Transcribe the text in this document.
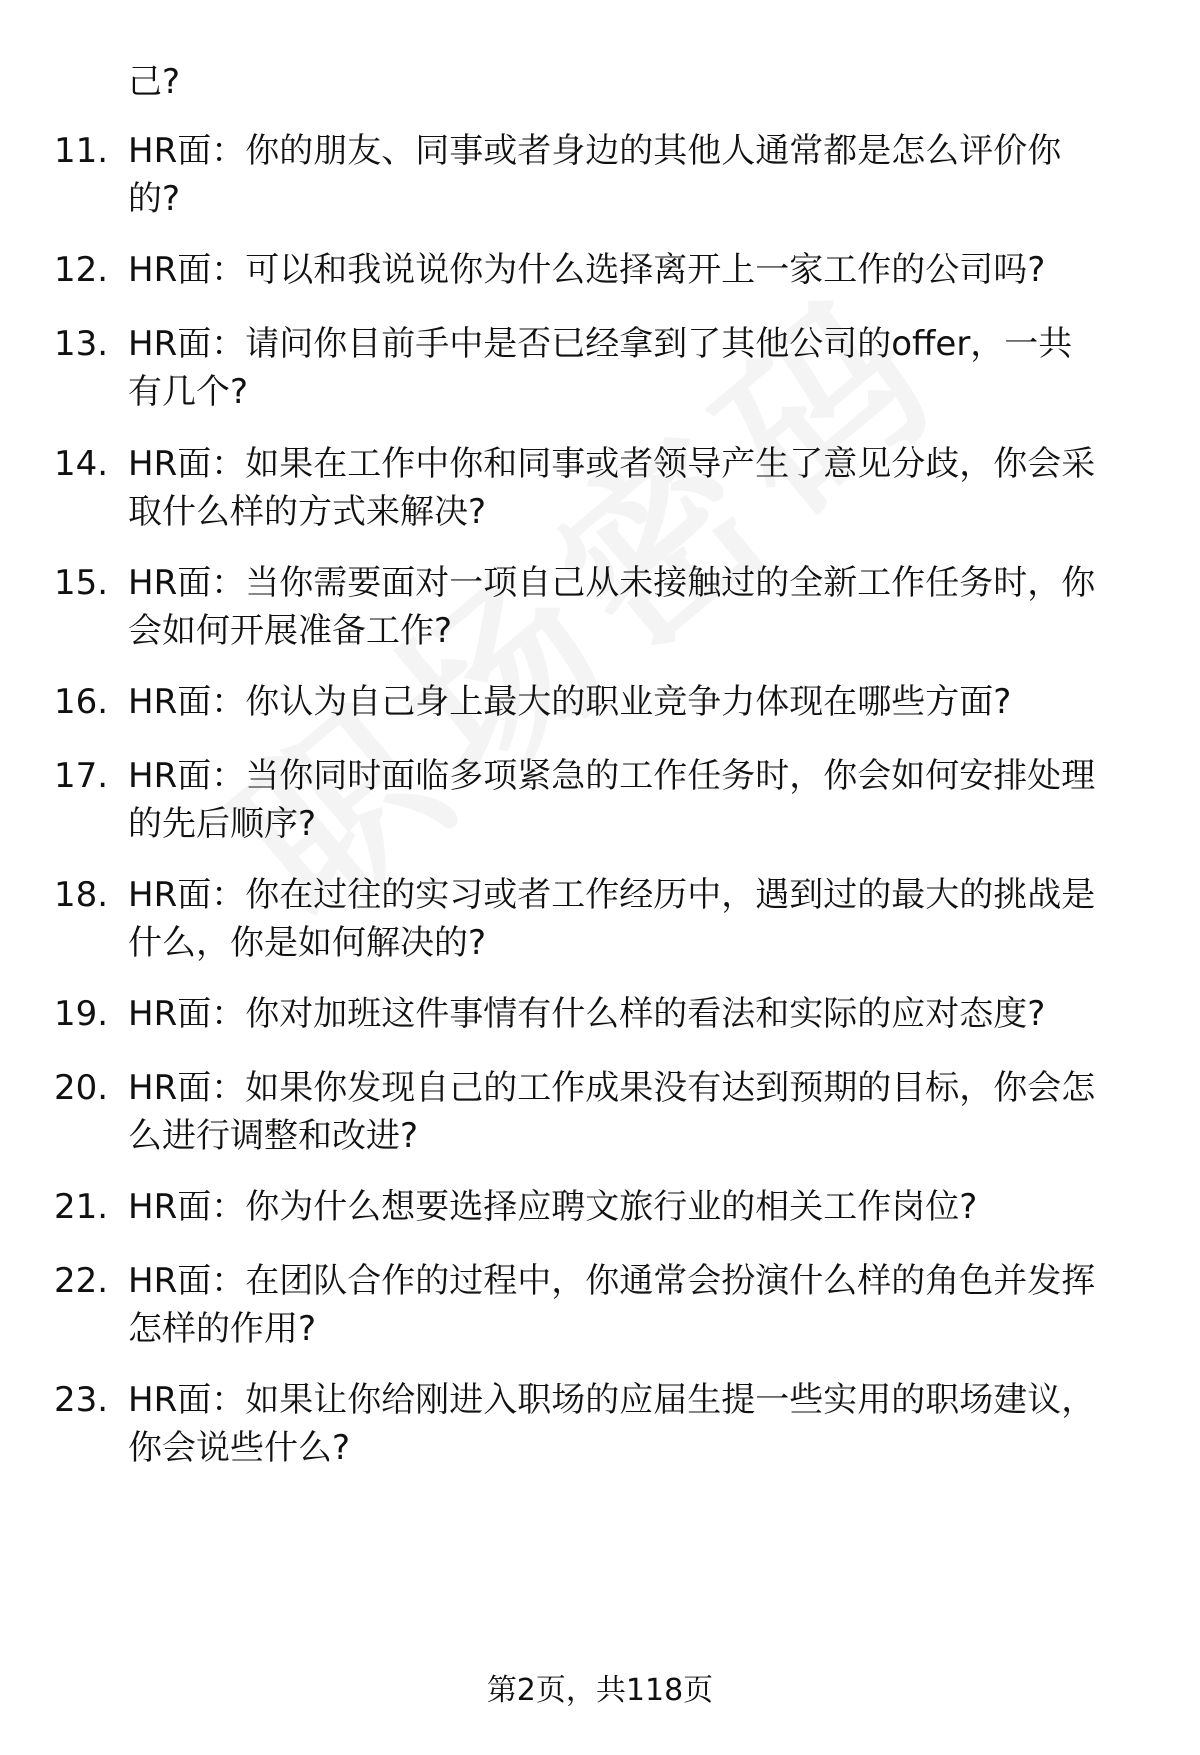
己?
11. HR面：你的朋友、同事或者身边的其他人通常都是怎么评价你
的?
12. HR面：可以和我说说你为什么选择离开上一家工作的公司吗?
13. HR面：请问你目前手中是否已经拿到了其他公司的offer，一共
有几个?
14. HR面：如果在工作中你和同事或者领导产生了意见分歧，你会采
取什么样的方式来解决?
15. HR面：当你需要面对一项自己从未接触过的全新工作任务时，你
会如何开展准备工作?
16. HR面：你认为自己身上最大的职业竞争力体现在哪些方面?
17. HR面：当你同时面临多项紧急的工作任务时，你会如何安排处理
的先后顺序?
18. HR面：你在过往的实习或者工作经历中，遇到过的最大的挑战是
什么，你是如何解决的?
19. HR面：你对加班这件事情有什么样的看法和实际的应对态度?
20. HR面：如果你发现自己的工作成果没有达到预期的目标，你会怎
么进行调整和改进?
21. HR面：你为什么想要选择应聘文旅行业的相关工作岗位?
22. HR面：在团队合作的过程中，你通常会扮演什么样的角色并发挥
怎样的作用?
23. HR面：如果让你给刚进入职场的应届生提一些实用的职场建议，
你会说些什么?
第2页，共118页
